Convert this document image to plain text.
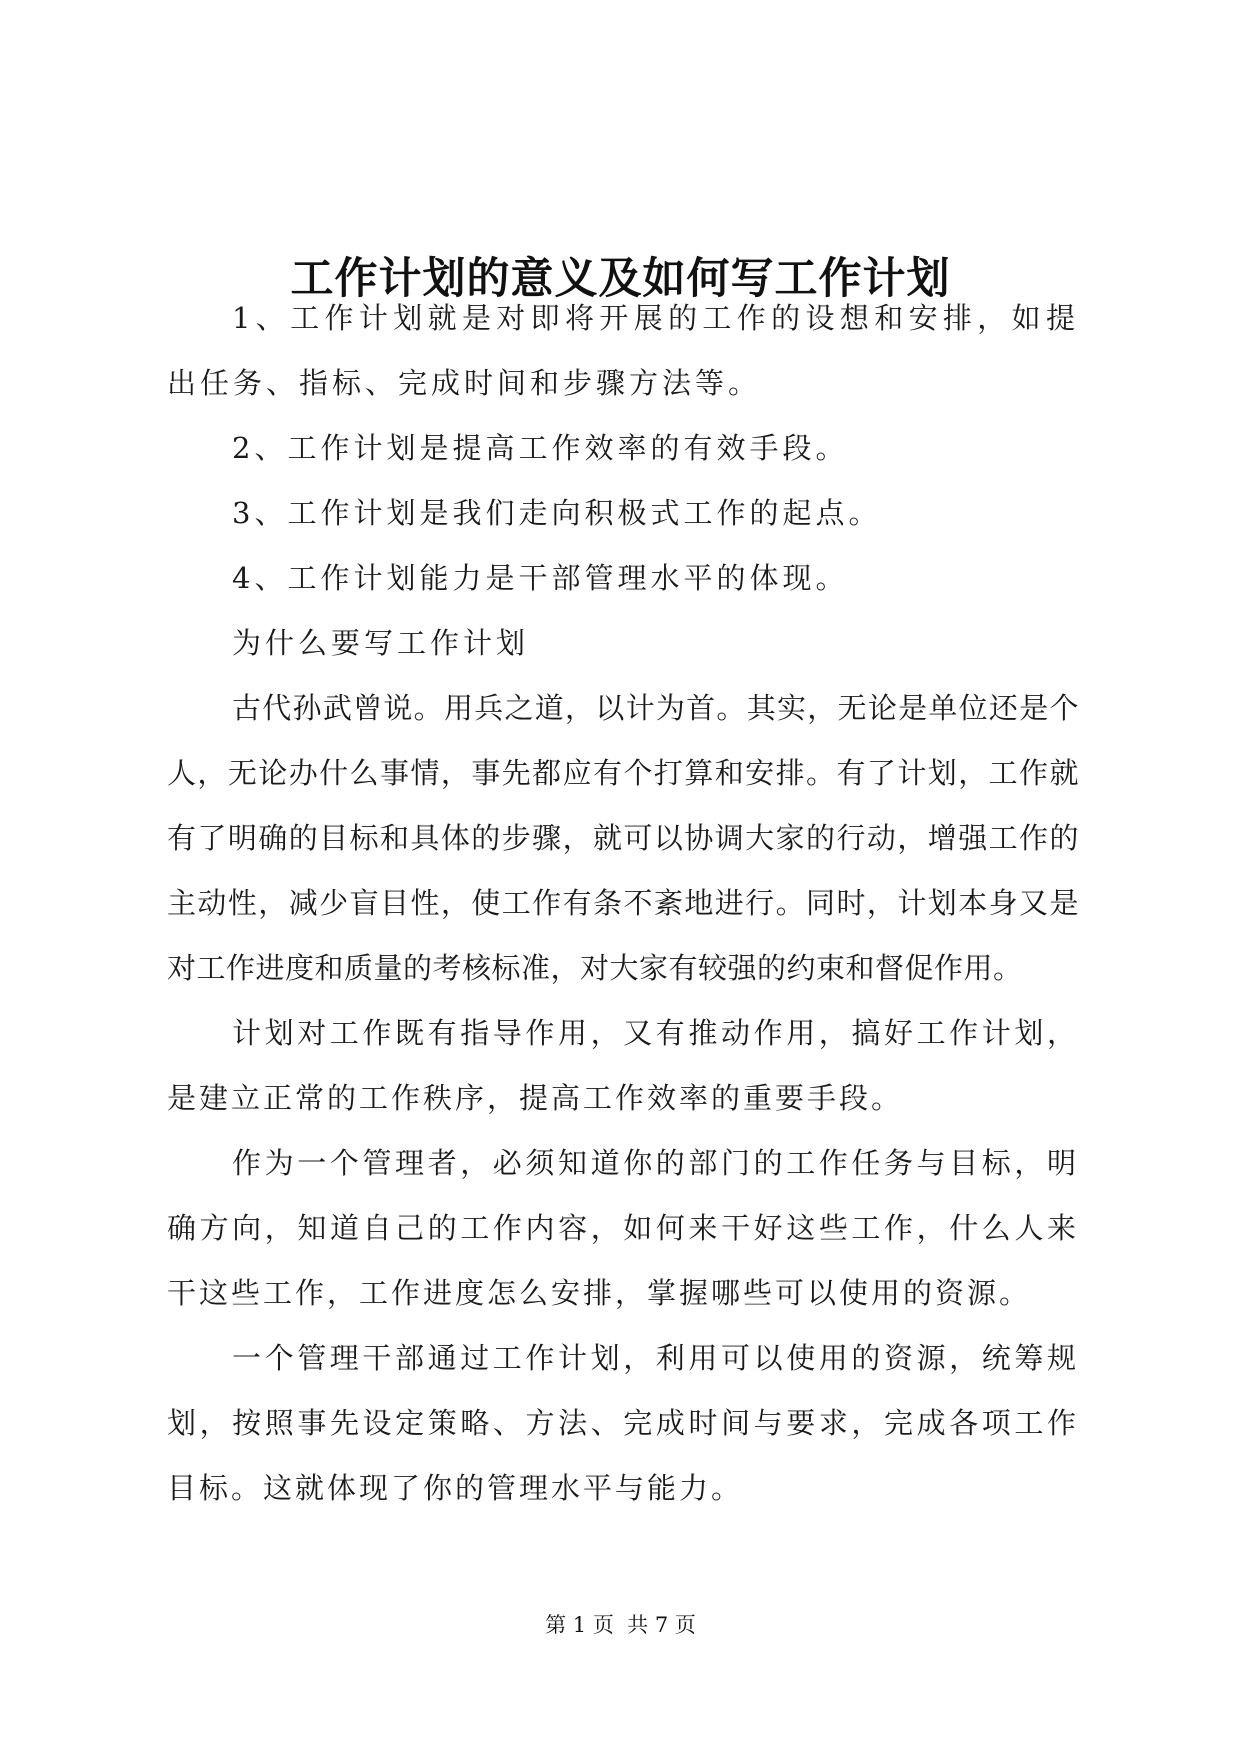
工作计划的意义及如何写工作计划

1、工作计划就是对即将开展的工作的设想和安排，如提出任务、指标、完成时间和步骤方法等。

2、工作计划是提高工作效率的有效手段。

3、工作计划是我们走向积极式工作的起点。

4、工作计划能力是干部管理水平的体现。

为什么要写工作计划

古代孙武曾说。用兵之道，以计为首。其实，无论是单位还是个人，无论办什么事情，事先都应有个打算和安排。有了计划，工作就有了明确的目标和具体的步骤，就可以协调大家的行动，增强工作的主动性，减少盲目性，使工作有条不紊地进行。同时，计划本身又是对工作进度和质量的考核标准，对大家有较强的约束和督促作用。

计划对工作既有指导作用，又有推动作用，搞好工作计划，是建立正常的工作秩序，提高工作效率的重要手段。

作为一个管理者，必须知道你的部门的工作任务与目标，明确方向，知道自己的工作内容，如何来干好这些工作，什么人来干这些工作，工作进度怎么安排，掌握哪些可以使用的资源。

一个管理干部通过工作计划，利用可以使用的资源，统筹规划，按照事先设定策略、方法、完成时间与要求，完成各项工作目标。这就体现了你的管理水平与能力。

第 1 页  共 7 页
